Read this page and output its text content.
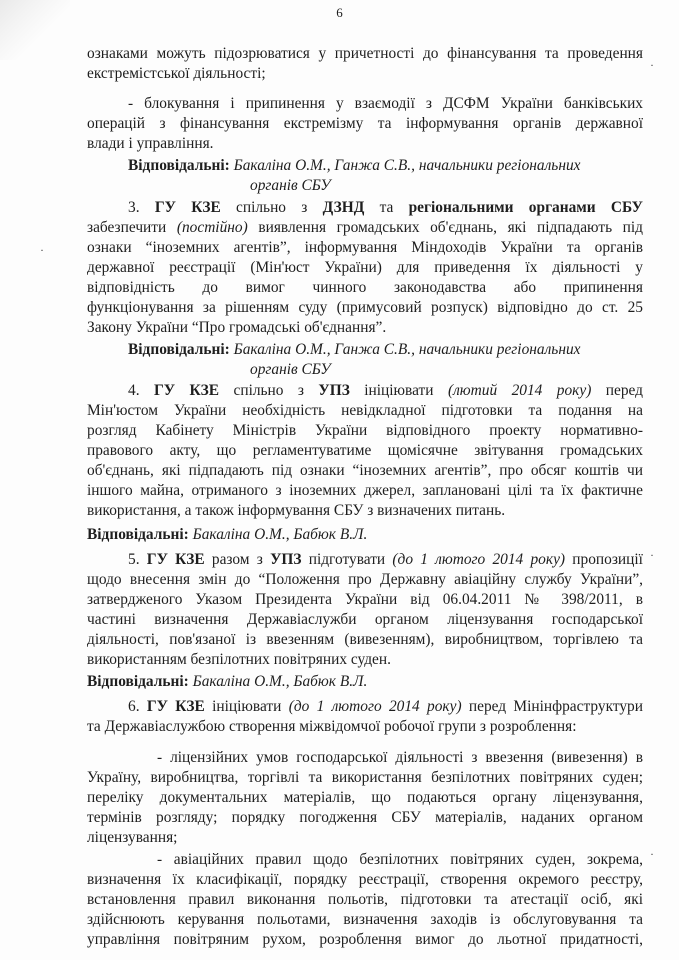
6
ознаками можуть підозрюватися у причетності до фінансування та проведення
екстремістської діяльності;
- блокування і припинення у взаємодії з ДСФМ України банківських
операцій з фінансування екстремізму та інформування органів державної
влади і управління.
Відповідальні: Бакаліна О.М., Ганжа С.В., начальники регіональних
органів СБУ
3. ГУ КЗЕ спільно з ДЗНД та регіональними органами СБУ
забезпечити (постійно) виявлення громадських об'єднань, які підпадають під
ознаки “іноземних агентів”, інформування Міндоходів України та органів
державної реєстрації (Мін'юст України) для приведення їх діяльності у
відповідність до вимог чинного законодавства або припинення
функціонування за рішенням суду (примусовий розпуск) відповідно до ст. 25
Закону України “Про громадські об'єднання”.
Відповідальні: Бакаліна О.М., Ганжа С.В., начальники регіональних
органів СБУ
4. ГУ КЗЕ спільно з УПЗ ініціювати (лютий 2014 року) перед
Мін'юстом України необхідність невідкладної підготовки та подання на
розгляд Кабінету Міністрів України відповідного проекту нормативно-
правового акту, що регламентуватиме щомісячне звітування громадських
об'єднань, які підпадають під ознаки “іноземних агентів”, про обсяг коштів чи
іншого майна, отриманого з іноземних джерел, заплановані цілі та їх фактичне
використання, а також інформування СБУ з визначених питань.
Відповідальні: Бакаліна О.М., Бабюк В.Л.
5. ГУ КЗЕ разом з УПЗ підготувати (до 1 лютого 2014 року) пропозиції
щодо внесення змін до “Положення про Державну авіаційну службу України”,
затвердженого Указом Президента України від 06.04.2011 № 398/2011, в
частині визначення Державіаслужби органом ліцензування господарської
діяльності, пов'язаної із ввезенням (вивезенням), виробництвом, торгівлею та
використанням безпілотних повітряних суден.
Відповідальні: Бакаліна О.М., Бабюк В.Л.
6. ГУ КЗЕ ініціювати (до 1 лютого 2014 року) перед Мінінфраструктури
та Державіаслужбою створення міжвідомчої робочої групи з розроблення:
- ліцензійних умов господарської діяльності з ввезення (вивезення) в
Україну, виробництва, торгівлі та використання безпілотних повітряних суден;
переліку документальних матеріалів, що подаються органу ліцензування,
термінів розгляду; порядку погодження СБУ матеріалів, наданих органом
ліцензування;
- авіаційних правил щодо безпілотних повітряних суден, зокрема,
визначення їх класифікації, порядку реєстрації, створення окремого реєстру,
встановлення правил виконання польотів, підготовки та атестації осіб, які
здійснюють керування польотами, визначення заходів із обслуговування та
управління повітряним рухом, розроблення вимог до льотної придатності,
·
·
·
·
